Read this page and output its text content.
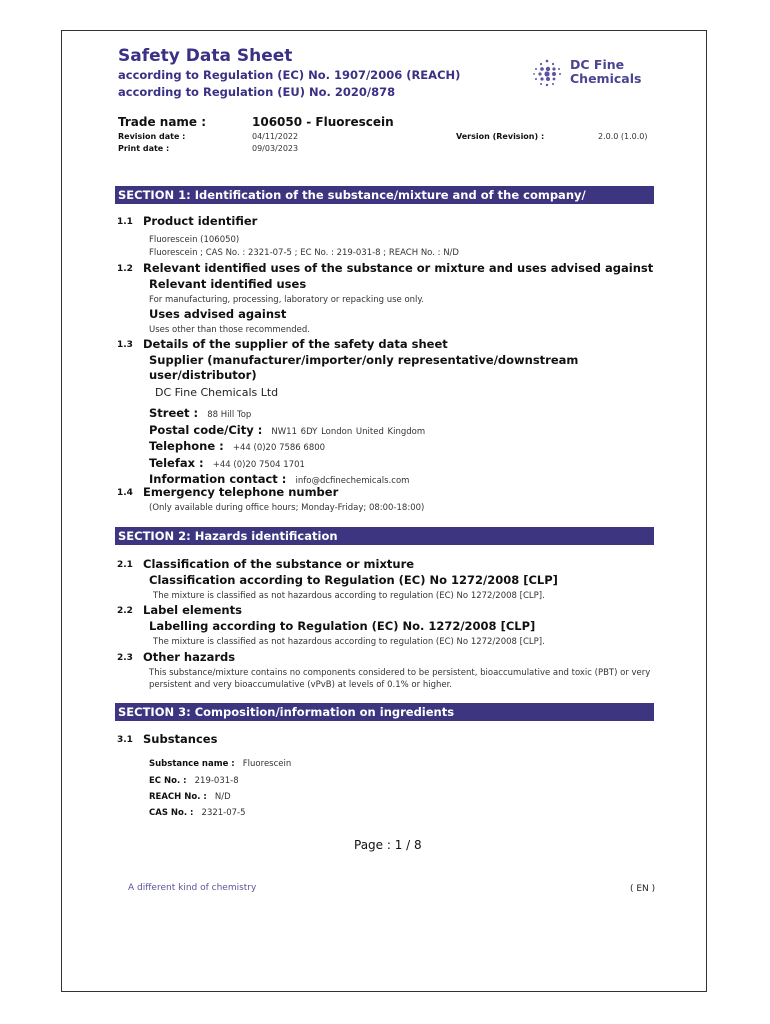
Safety Data Sheet
according to Regulation (EC) No. 1907/2006 (REACH)
according to Regulation (EU) No. 2020/878
DC Fine
Chemicals
Trade name :	106050 - Fluorescein
Revision date :	04/11/2022
Print date :	09/03/2023
Version (Revision) :	2.0.0 (1.0.0)
SECTION 1: Identification of the substance/mixture and of the company/ undertaking
1.1 Product identifier
Fluorescein (106050)
Fluorescein ; CAS No. : 2321-07-5 ; EC No. : 219-031-8 ; REACH No. : N/D
1.2 Relevant identified uses of the substance or mixture and uses advised against
Relevant identified uses
For manufacturing, processing, laboratory or repacking use only.
Uses advised against
Uses other than those recommended.
1.3 Details of the supplier of the safety data sheet
Supplier (manufacturer/importer/only representative/downstream
user/distributor)
DC Fine Chemicals Ltd
Street : 88 Hill Top
Postal code/City : NW11 6DY London United Kingdom
Telephone : +44 (0)20 7586 6800
Telefax : +44 (0)20 7504 1701
Information contact : info@dcfinechemicals.com
1.4 Emergency telephone number
(Only available during office hours; Monday-Friday; 08:00-18:00)
SECTION 2: Hazards identification
2.1 Classification of the substance or mixture
Classification according to Regulation (EC) No 1272/2008 [CLP]
The mixture is classified as not hazardous according to regulation (EC) No 1272/2008 [CLP].
2.2 Label elements
Labelling according to Regulation (EC) No. 1272/2008 [CLP]
The mixture is classified as not hazardous according to regulation (EC) No 1272/2008 [CLP].
2.3 Other hazards
This substance/mixture contains no components considered to be persistent, bioaccumulative and toxic (PBT) or very
persistent and very bioaccumulative (vPvB) at levels of 0.1% or higher.
SECTION 3: Composition/information on ingredients
3.1 Substances
Substance name : Fluorescein
EC No. : 219-031-8
REACH No. : N/D
CAS No. : 2321-07-5
Page : 1 / 8
A different kind of chemistry	( EN )
